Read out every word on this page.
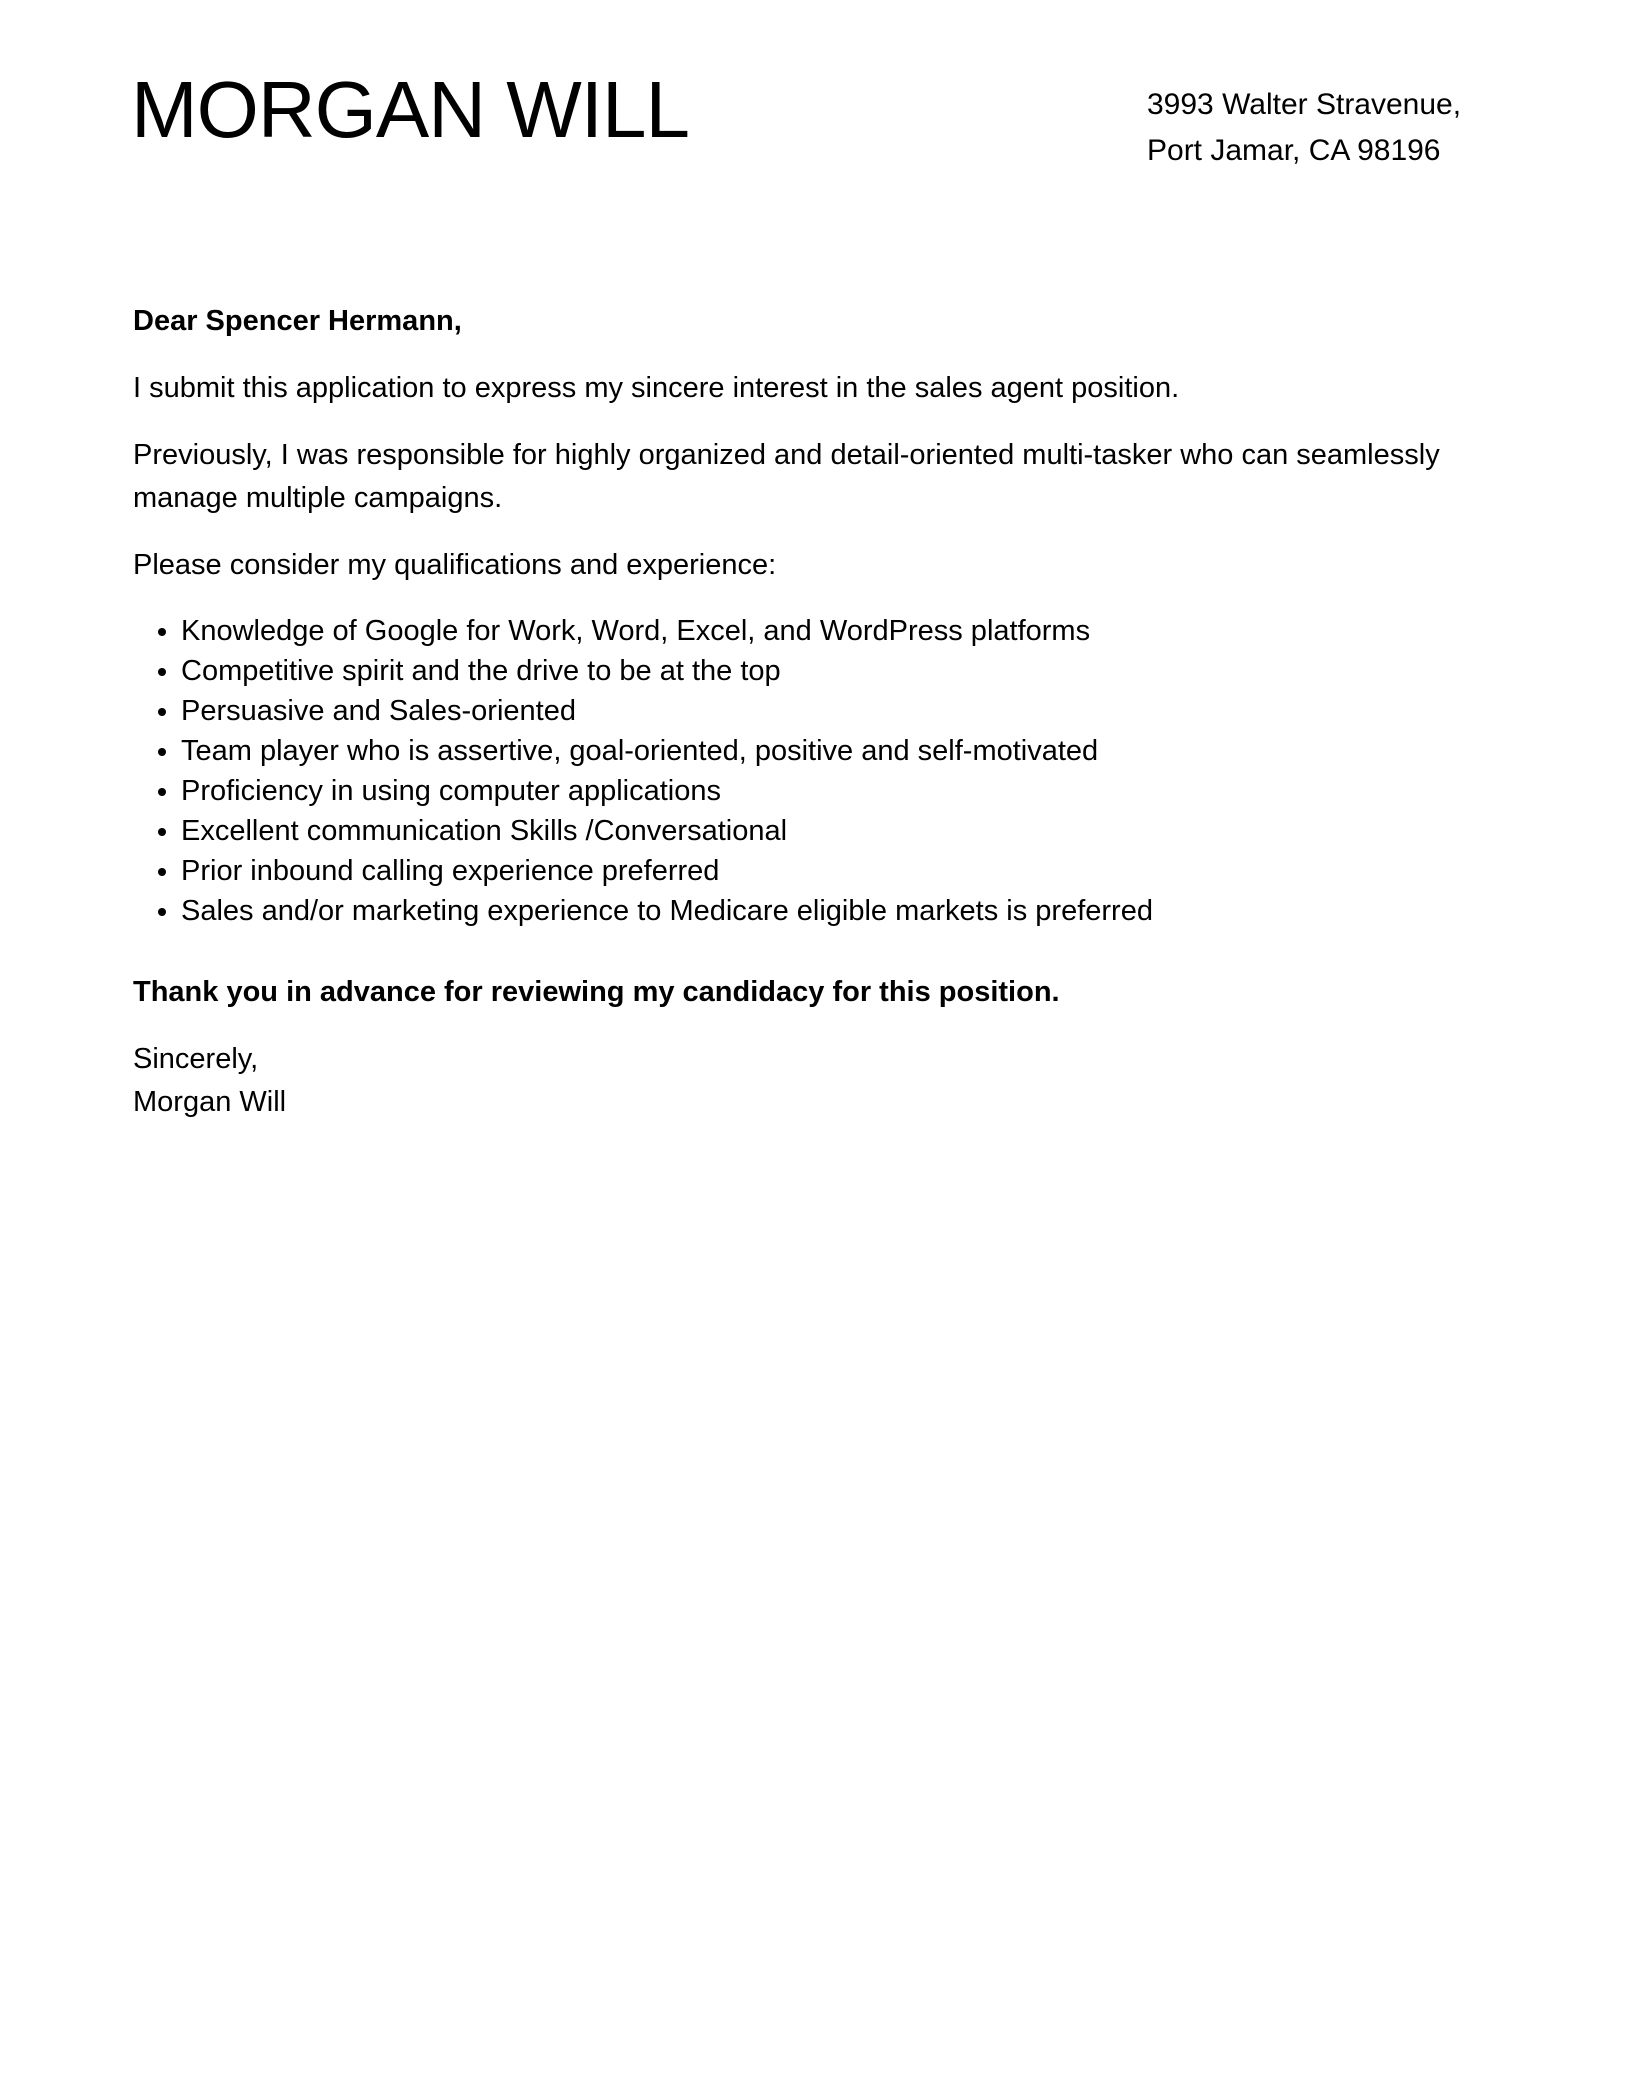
MORGAN WILL	3993 Walter Stravenue,
Port Jamar, CA 98196

Dear Spencer Hermann,

I submit this application to express my sincere interest in the sales agent position.

Previously, I was responsible for highly organized and detail-oriented multi-tasker who can seamlessly manage multiple campaigns.

Please consider my qualifications and experience:

• Knowledge of Google for Work, Word, Excel, and WordPress platforms
• Competitive spirit and the drive to be at the top
• Persuasive and Sales-oriented
• Team player who is assertive, goal-oriented, positive and self-motivated
• Proficiency in using computer applications
• Excellent communication Skills /Conversational
• Prior inbound calling experience preferred
• Sales and/or marketing experience to Medicare eligible markets is preferred

Thank you in advance for reviewing my candidacy for this position.

Sincerely,
Morgan Will
